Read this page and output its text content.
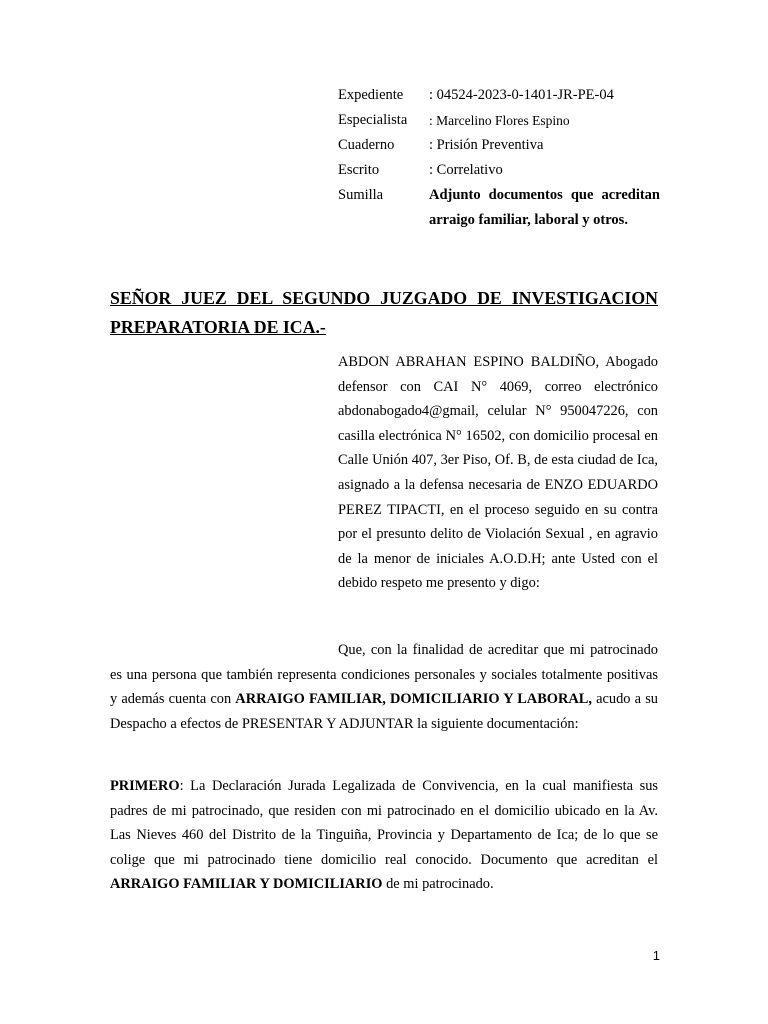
Expediente	: 04524-2023-0-1401-JR-PE-04
Especialista	: Marcelino Flores Espino
Cuaderno	: Prisión Preventiva
Escrito	: Correlativo
Sumilla	Adjunto documentos que acreditan arraigo familiar, laboral y otros.
SEÑOR JUEZ DEL SEGUNDO JUZGADO DE INVESTIGACION PREPARATORIA DE ICA.-
ABDON ABRAHAN ESPINO BALDIÑO, Abogado defensor con CAI N° 4069, correo electrónico abdonabogado4@gmail, celular N° 950047226, con casilla electrónica N° 16502, con domicilio procesal en Calle Unión 407, 3er Piso, Of. B, de esta ciudad de Ica, asignado a la defensa necesaria de ENZO EDUARDO PEREZ TIPACTI, en el proceso seguido en su contra por el presunto delito de Violación Sexual , en agravio de la menor de iniciales A.O.D.H; ante Usted con el debido respeto me presento y digo:
Que, con la finalidad de acreditar que mi patrocinado es una persona que también representa condiciones personales y sociales totalmente positivas y además cuenta con ARRAIGO FAMILIAR, DOMICILIARIO Y LABORAL, acudo a su Despacho a efectos de PRESENTAR Y ADJUNTAR la siguiente documentación:
PRIMERO: La Declaración Jurada Legalizada de Convivencia, en la cual manifiesta sus padres de mi patrocinado, que residen con mi patrocinado en el domicilio ubicado en la Av. Las Nieves 460 del Distrito de la Tinguiña, Provincia y Departamento de Ica; de lo que se colige que mi patrocinado tiene domicilio real conocido. Documento que acreditan el ARRAIGO FAMILIAR Y DOMICILIARIO de mi patrocinado.
1
